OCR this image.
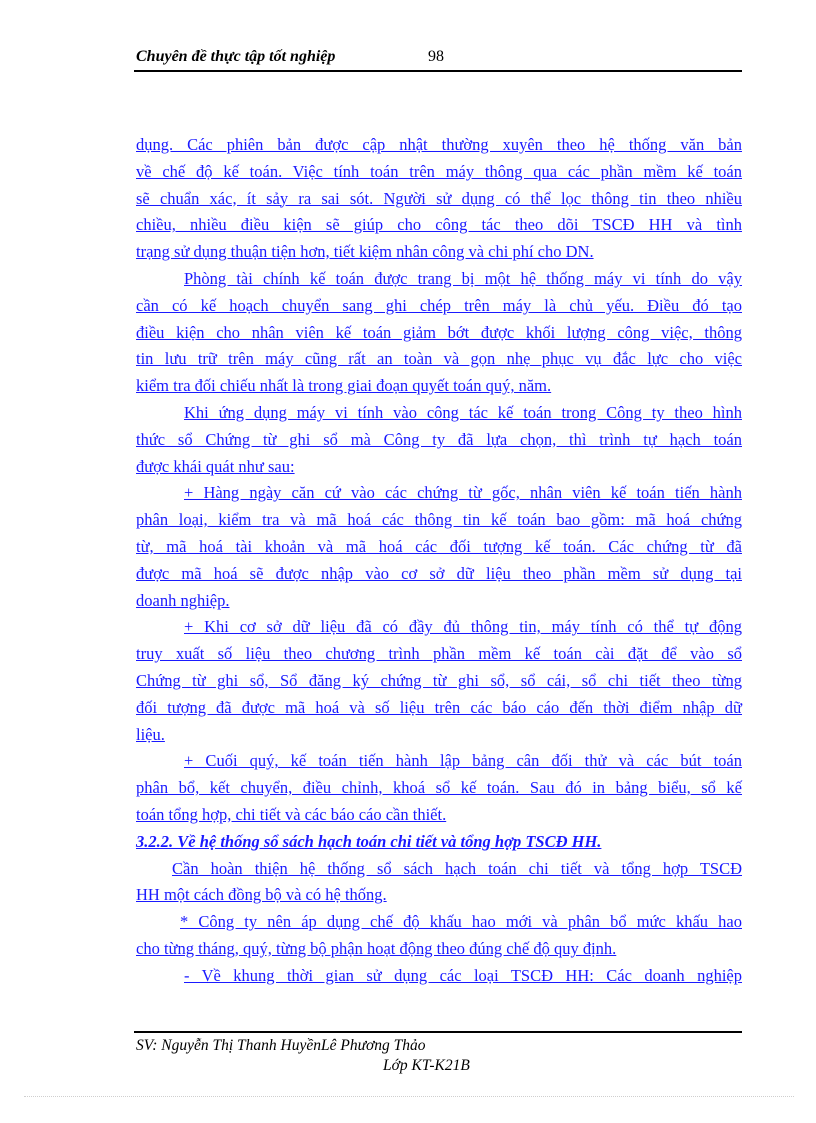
Chuyên đề thực tập tốt nghiệp	98
dụng. Các phiên bản được cập nhật thường xuyên theo hệ thống văn bản
về chế độ kế toán. Việc tính toán trên máy thông qua các phần mềm kế toán
sẽ chuẩn xác, ít sảy ra sai sót. Người sử dụng có thể lọc thông tin theo nhiều
chiều, nhiều điều kiện sẽ giúp cho công tác theo dõi TSCĐ HH và tình
trạng sử dụng thuận tiện hơn, tiết kiệm nhân công và chi phí cho DN.
Phòng tài chính kế toán được trang bị một hệ thống máy vi tính do vậy
cần có kế hoạch chuyển sang ghi chép trên máy là chủ yếu. Điều đó tạo
điều kiện cho nhân viên kế toán giảm bớt được khối lượng công việc, thông
tin lưu trữ trên máy cũng rất an toàn và gọn nhẹ phục vụ đắc lực cho việc
kiểm tra đối chiếu nhất là trong giai đoạn quyết toán quý, năm.
Khi ứng dụng máy vi tính vào công tác kế toán trong Công ty theo hình
thức sổ Chứng từ ghi sổ mà Công ty đã lựa chọn, thì trình tự hạch toán
được khái quát như sau:
+ Hàng ngày căn cứ vào các chứng từ gốc, nhân viên kế toán tiến hành
phân loại, kiểm tra và mã hoá các thông tin kế toán bao gồm: mã hoá chứng
từ, mã hoá tài khoản và mã hoá các đối tượng kế toán. Các chứng từ đã
được mã hoá sẽ được nhập vào cơ sở dữ liệu theo phần mềm sử dụng tại
doanh nghiệp.
+ Khi cơ sở dữ liệu đã có đầy đủ thông tin, máy tính có thể tự động
truy xuất số liệu theo chương trình phần mềm kế toán cài đặt để vào sổ
Chứng từ ghi sổ, Sổ đăng ký chứng từ ghi sổ, sổ cái, sổ chi tiết theo từng
đối tượng đã được mã hoá và số liệu trên các báo cáo đến thời điểm nhập dữ
liệu.
+ Cuối quý, kế toán tiến hành lập bảng cân đối thử và các bút toán
phân bổ, kết chuyển, điều chỉnh, khoá sổ kế toán. Sau đó in bảng biểu, sổ kế
toán tổng hợp, chi tiết và các báo cáo cần thiết.
3.2.2. Về hệ thống sổ sách hạch toán chi tiết và tổng hợp TSCĐ HH.
Cần hoàn thiện hệ thống sổ sách hạch toán chi tiết và tổng hợp TSCĐ
HH một cách đồng bộ và có hệ thống.
* Công ty nên áp dụng chế độ khấu hao mới và phân bổ mức khấu hao
cho từng tháng, quý, từng bộ phận hoạt động theo đúng chế độ quy định.
- Về khung thời gian sử dụng các loại TSCĐ HH: Các doanh nghiệp
SV: Nguyễn Thị Thanh HuyềnLê Phương Thảo
Lớp KT-K21B
